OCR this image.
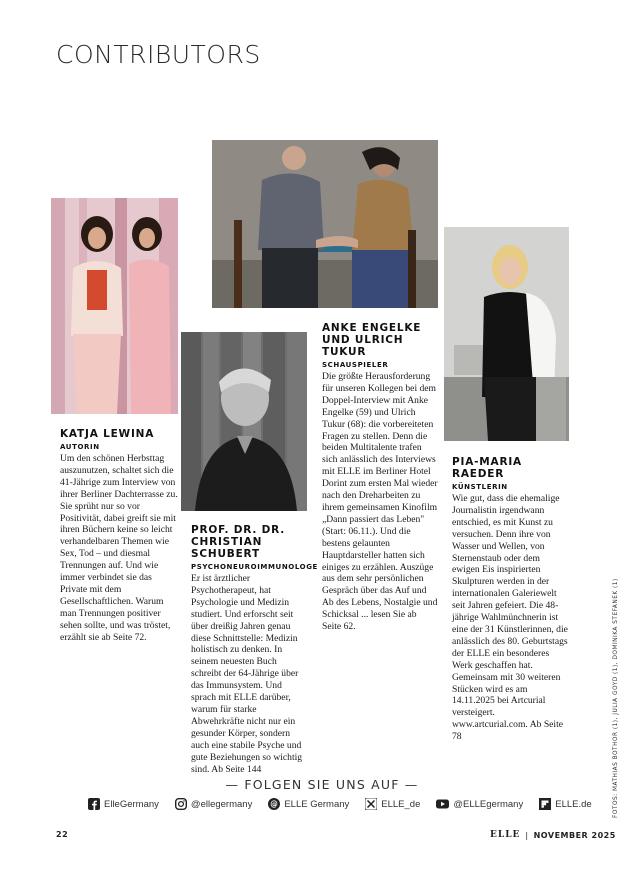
CONTRIBUTORS
KATJA LEWINA
AUTORIN

Um den schönen Herbsttag auszunutzen, schaltet sich die 41-Jährige zum Interview von ihrer Berliner Dachterrasse zu. Sie sprüht nur so vor Positivität, dabei greift sie mit ihren Büchern keine so leicht verhandelbaren Themen wie Sex, Tod – und diesmal Trennungen auf. Und wie immer verbindet sie das Private mit dem Gesellschaftlichen. Warum man Trennungen positiver sehen sollte, und was tröstet, erzählt sie ab Seite 72.

PROF. DR. DR. CHRISTIAN SCHUBERT
PSYCHONEUROIMMUNOLOGE

Er ist ärztlicher Psychotherapeut, hat Psychologie und Medizin studiert. Und erforscht seit über dreißig Jahren genau diese Schnittstelle: Medizin holistisch zu denken. In seinem neuesten Buch schreibt der 64-Jährige über das Immunsystem. Und sprach mit ELLE darüber, warum für starke Abwehrkräfte nicht nur ein gesunder Körper, sondern auch eine stabile Psyche und gute Beziehungen so wichtig sind. Ab Seite 144

ANKE ENGELKE UND ULRICH TUKUR
SCHAUSPIELER

Die größte Herausforderung für unseren Kollegen bei dem Doppel-Interview mit Anke Engelke (59) und Ulrich Tukur (68): die vorbereiteten Fragen zu stellen. Denn die beiden Multitalente trafen sich anlässlich des Interviews mit ELLE im Berliner Hotel Dorint zum ersten Mal wieder nach den Dreharbeiten zu ihrem gemeinsamen Kinofilm „Dann passiert das Leben" (Start: 06.11.). Und die bestens gelaunten Hauptdarsteller hatten sich einiges zu erzählen. Auszüge aus dem sehr persönlichen Gespräch über das Auf und Ab des Lebens, Nostalgie und Schicksal ... lesen Sie ab Seite 62.

PIA-MARIA RAEDER
KÜNSTLERIN

Wie gut, dass die ehemalige Journalistin irgendwann entschied, es mit Kunst zu versuchen. Denn ihre von Wasser und Wellen, von Sternenstaub oder dem ewigen Eis inspirierten Skulpturen werden in der internationalen Galeriewelt seit Jahren gefeiert. Die 48-jährige Wahlmünchnerin ist eine der 31 Künstlerinnen, die anlässlich des 80. Geburtstags der ELLE ein besonderes Werk geschaffen hat. Gemeinsam mit 30 weiteren Stücken wird es am 14.11.2025 bei Artcurial versteigert. www.artcurial.com. Ab Seite 78	FOTOS: MATHIAS BOTHOR (1), JULIA GOYD (1), DOMINIKA STEFANEK (1)
— FOLGEN SIE UNS AUF —
ElleGermany	@ellegermany @ ELLE Germany	ELLE_de	@ELLEgermany	ELLE.de
22	ELLE | NOVEMBER 2025
